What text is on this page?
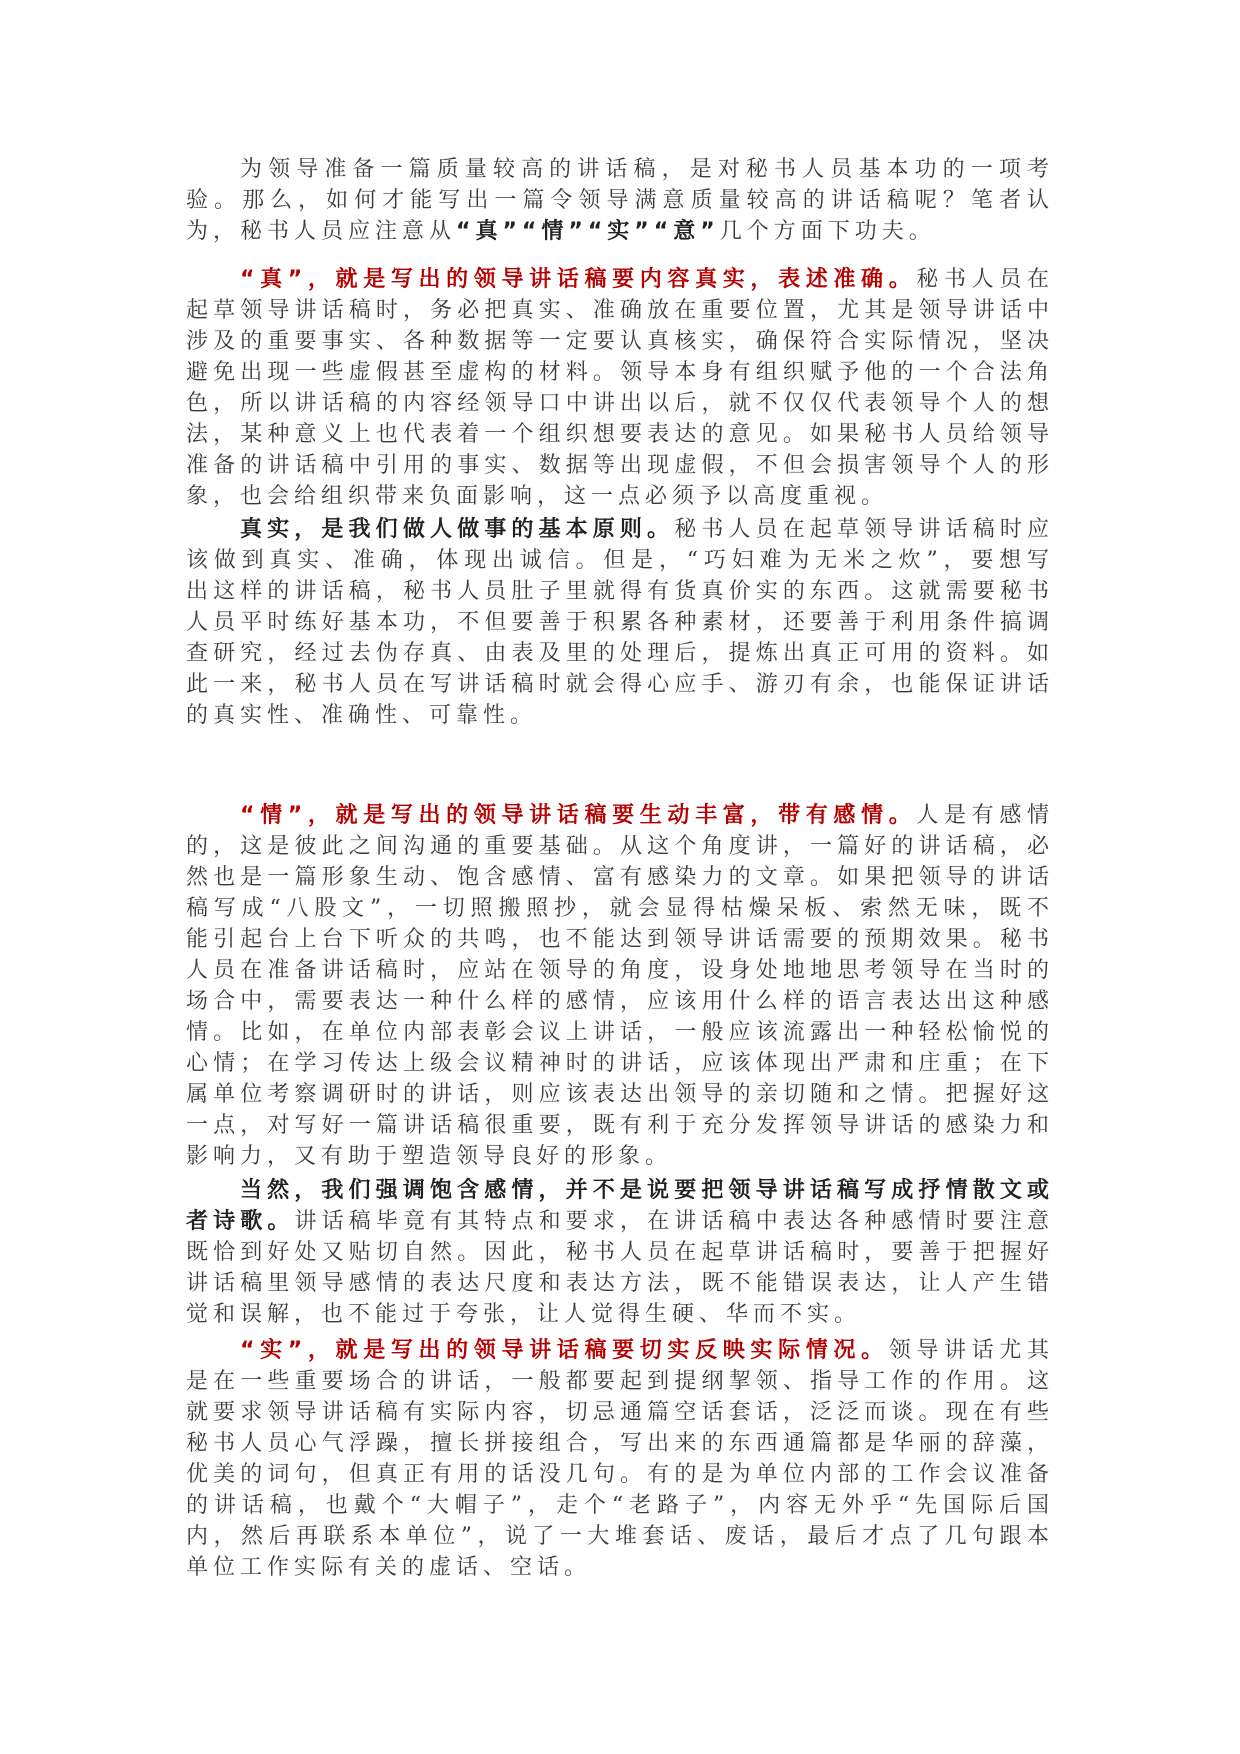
为领导准备一篇质量较高的讲话稿，是对秘书人员基本功的一项考验。那么，如何才能写出一篇令领导满意质量较高的讲话稿呢？笔者认为，秘书人员应注意从“真”“情”“实”“意”几个方面下功夫。

“真”，就是写出的领导讲话稿要内容真实，表述准确。秘书人员在起草领导讲话稿时，务必把真实、准确放在重要位置，尤其是领导讲话中涉及的重要事实、各种数据等一定要认真核实，确保符合实际情况，坚决避免出现一些虚假甚至虚构的材料。领导本身有组织赋予他的一个合法角色，所以讲话稿的内容经领导口中讲出以后，就不仅仅代表领导个人的想法，某种意义上也代表着一个组织想要表达的意见。如果秘书人员给领导准备的讲话稿中引用的事实、数据等出现虚假，不但会损害领导个人的形象，也会给组织带来负面影响，这一点必须予以高度重视。

真实，是我们做人做事的基本原则。秘书人员在起草领导讲话稿时应该做到真实、准确，体现出诚信。但是，“巧妇难为无米之炊”，要想写出这样的讲话稿，秘书人员肚子里就得有货真价实的东西。这就需要秘书人员平时练好基本功，不但要善于积累各种素材，还要善于利用条件搞调查研究，经过去伪存真、由表及里的处理后，提炼出真正可用的资料。如此一来，秘书人员在写讲话稿时就会得心应手、游刃有余，也能保证讲话的真实性、准确性、可靠性。

“情”，就是写出的领导讲话稿要生动丰富，带有感情。人是有感情的，这是彼此之间沟通的重要基础。从这个角度讲，一篇好的讲话稿，必然也是一篇形象生动、饱含感情、富有感染力的文章。如果把领导的讲话稿写成“八股文”，一切照搬照抄，就会显得枯燥呆板、索然无味，既不能引起台上台下听众的共鸣，也不能达到领导讲话需要的预期效果。秘书人员在准备讲话稿时，应站在领导的角度，设身处地地思考领导在当时的场合中，需要表达一种什么样的感情，应该用什么样的语言表达出这种感情。比如，在单位内部表彰会议上讲话，一般应该流露出一种轻松愉悦的心情；在学习传达上级会议精神时的讲话，应该体现出严肃和庄重；在下属单位考察调研时的讲话，则应该表达出领导的亲切随和之情。把握好这一点，对写好一篇讲话稿很重要，既有利于充分发挥领导讲话的感染力和影响力，又有助于塑造领导良好的形象。

当然，我们强调饱含感情，并不是说要把领导讲话稿写成抒情散文或者诗歌。讲话稿毕竟有其特点和要求，在讲话稿中表达各种感情时要注意既恰到好处又贴切自然。因此，秘书人员在起草讲话稿时，要善于把握好讲话稿里领导感情的表达尺度和表达方法，既不能错误表达，让人产生错觉和误解，也不能过于夸张，让人觉得生硬、华而不实。

“实”，就是写出的领导讲话稿要切实反映实际情况。领导讲话尤其是在一些重要场合的讲话，一般都要起到提纲挈领、指导工作的作用。这就要求领导讲话稿有实际内容，切忌通篇空话套话，泛泛而谈。现在有些秘书人员心气浮躁，擅长拼接组合，写出来的东西通篇都是华丽的辞藻，优美的词句，但真正有用的话没几句。有的是为单位内部的工作会议准备的讲话稿，也戴个“大帽子”，走个“老路子”，内容无外乎“先国际后国内，然后再联系本单位”，说了一大堆套话、废话，最后才点了几句跟本单位工作实际有关的虚话、空话。
